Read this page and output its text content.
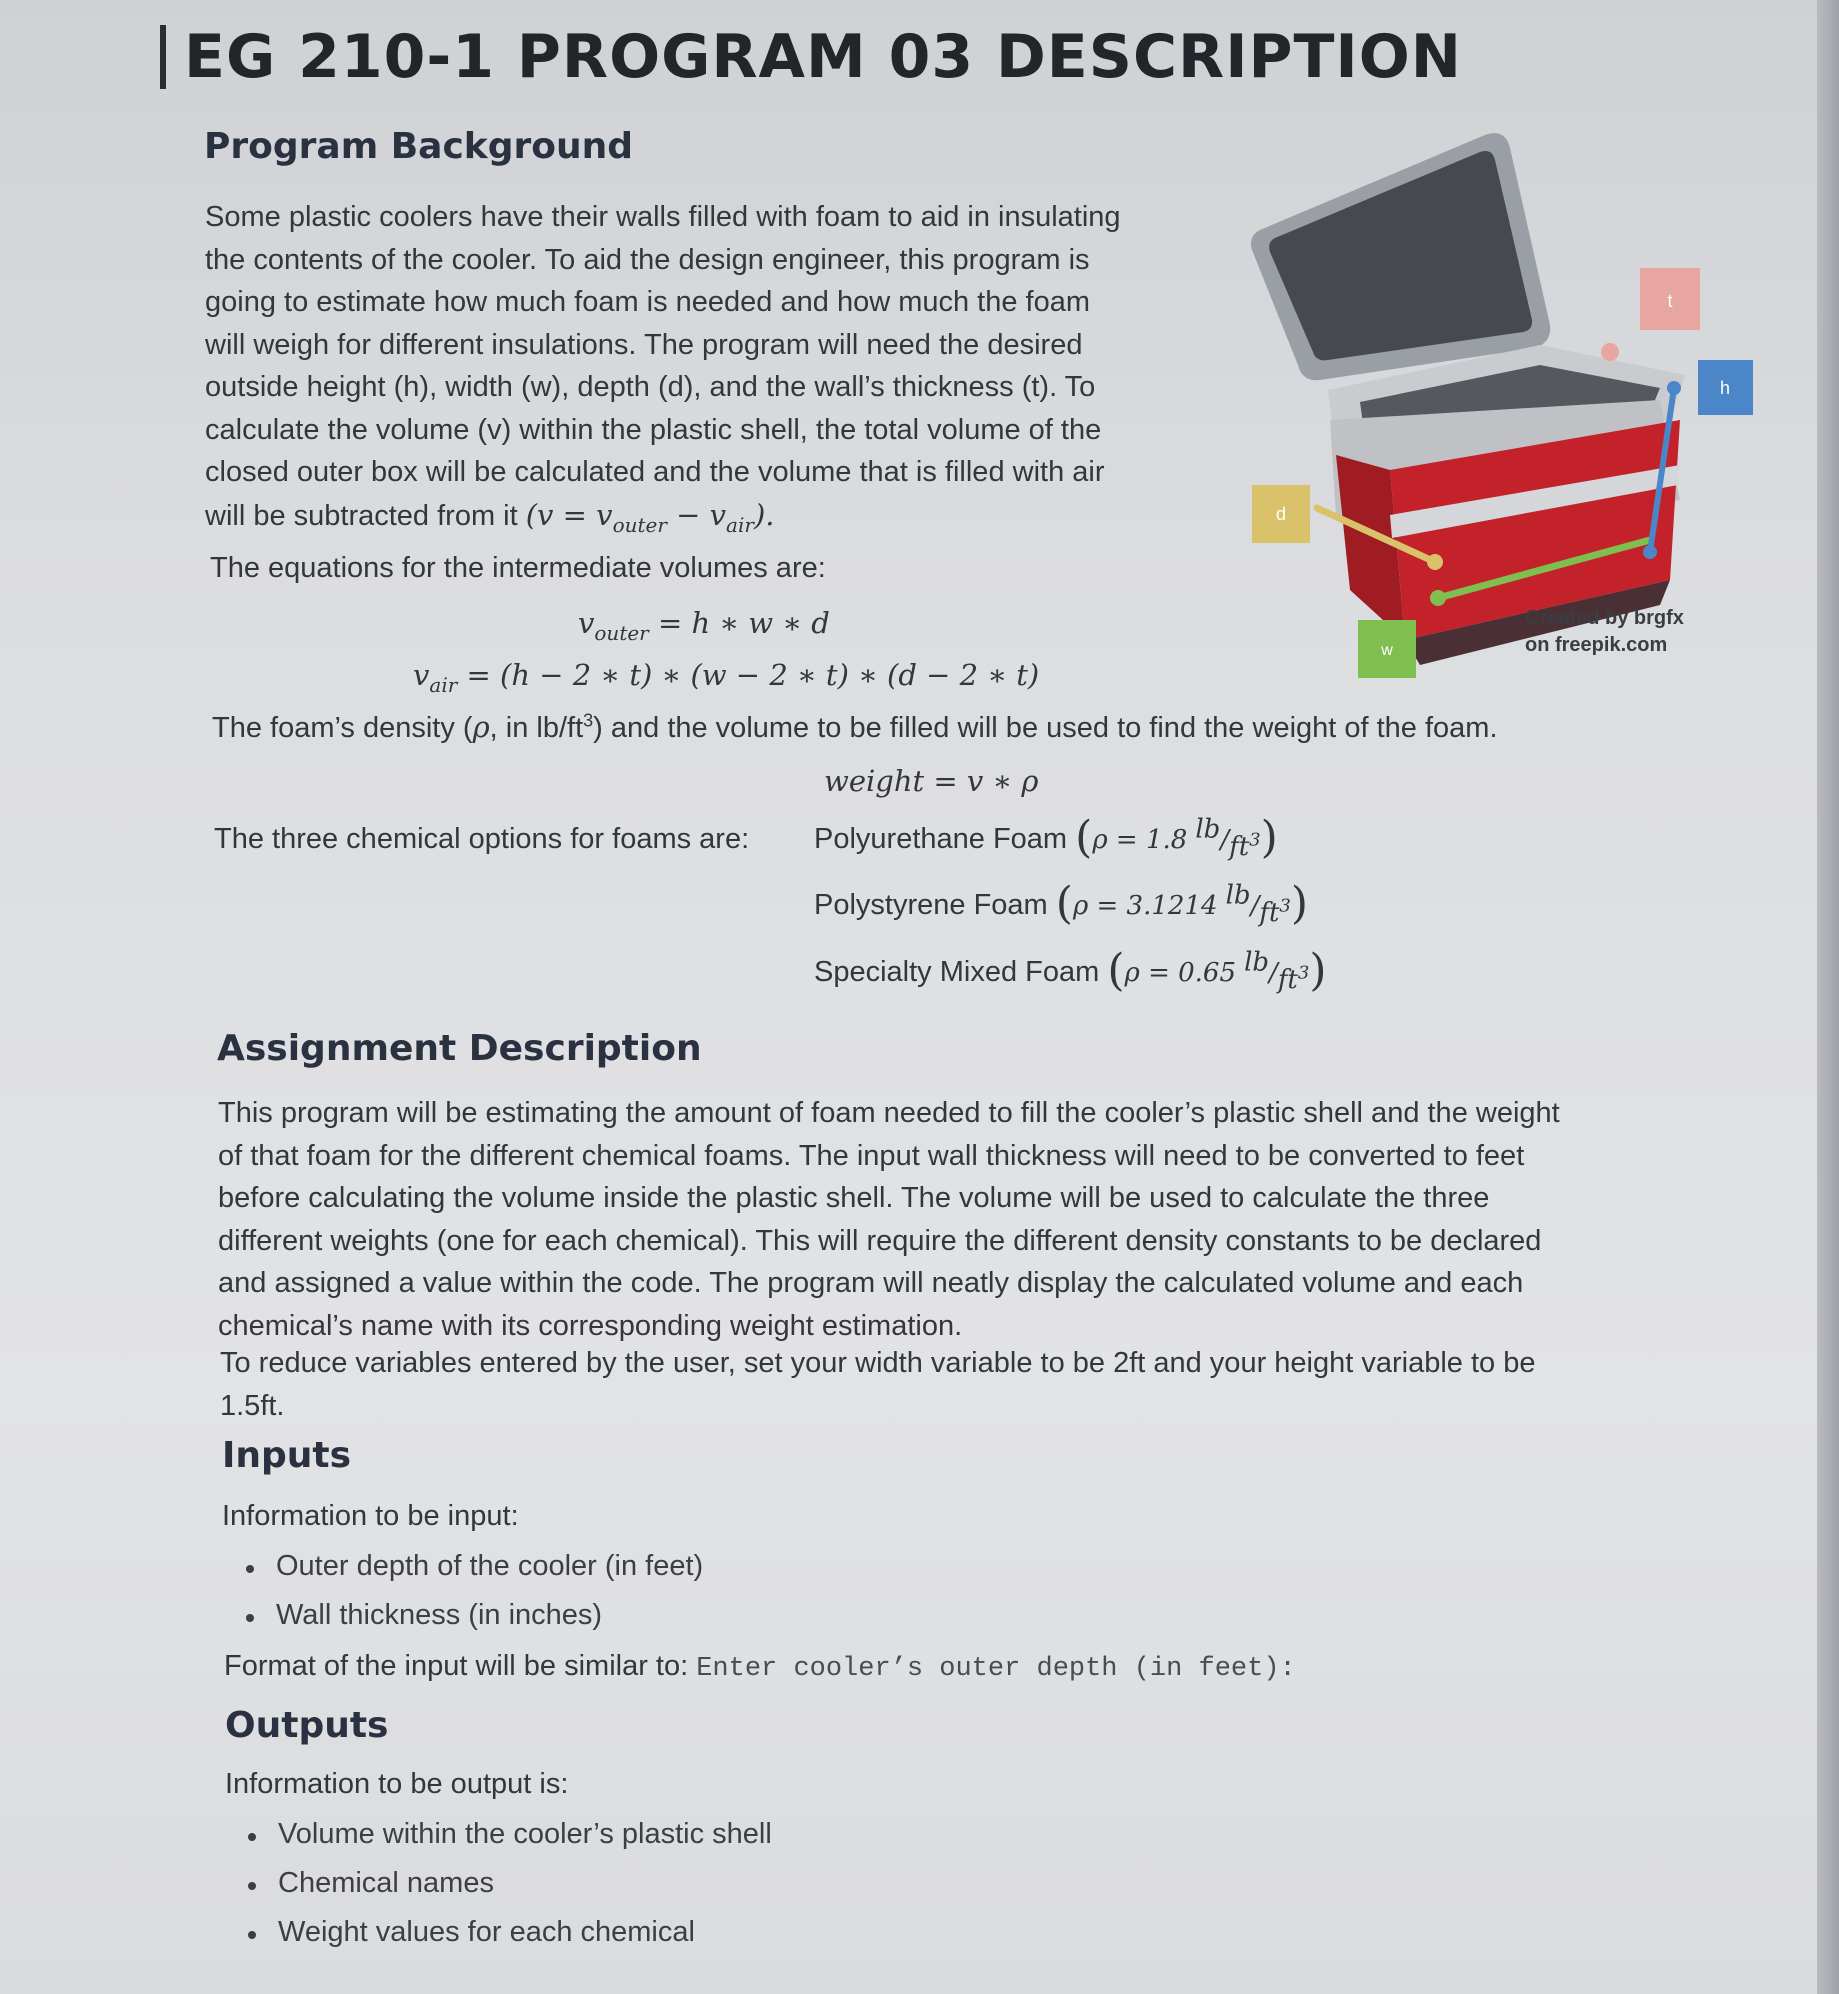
EG 210-1 PROGRAM 03 DESCRIPTION
Program Background
Some plastic coolers have their walls filled with foam to aid in insulating
the contents of the cooler. To aid the design engineer, this program is
going to estimate how much foam is needed and how much the foam
will weigh for different insulations. The program will need the desired
outside height (h), width (w), depth (d), and the wall’s thickness (t). To
calculate the volume (v) within the plastic shell, the total volume of the
closed outer box will be calculated and the volume that is filled with air
will be subtracted from it $(v = v_{outer} - v_{air})$.
The equations for the intermediate volumes are:
$v_{outer} = h$ ∗ w ∗ d
$v_{air} = (h - 2$ ∗ t) ∗ (w − 2 ∗ t) ∗ (d − 2 ∗ t)
The foam’s density (ρ, in $lb/ft^3$) and the volume to be filled will be used to find the weight of the foam.
weight = v ∗ ρ
The three chemical options for foams are: Polyurethane Foam (ρ = 1.8 $^{lb}/_{ft^3}$)
Polystyrene Foam (ρ = 3.1214 $^{lb}/_{ft^3}$)
Specialty Mixed Foam (ρ = 0.65 $^{lb}/_{ft^3}$)
t
h
d
w
Created by brgfx
on freepik.com
Assignment Description
This program will be estimating the amount of foam needed to fill the cooler’s plastic shell and the weight
of that foam for the different chemical foams. The input wall thickness will need to be converted to feet
before calculating the volume inside the plastic shell. The volume will be used to calculate the three
different weights (one for each chemical). This will require the different density constants to be declared
and assigned a value within the code. The program will neatly display the calculated volume and each
chemical’s name with its corresponding weight estimation.
To reduce variables entered by the user, set your width variable to be 2ft and your height variable to be
1.5ft.
Inputs
Information to be input:
Outer depth of the cooler (in feet)
Wall thickness (in inches)
Format of the input will be similar to: Enter cooler’s outer depth (in feet):
Outputs
Information to be output is:
Volume within the cooler’s plastic shell
Chemical names
Weight values for each chemical
